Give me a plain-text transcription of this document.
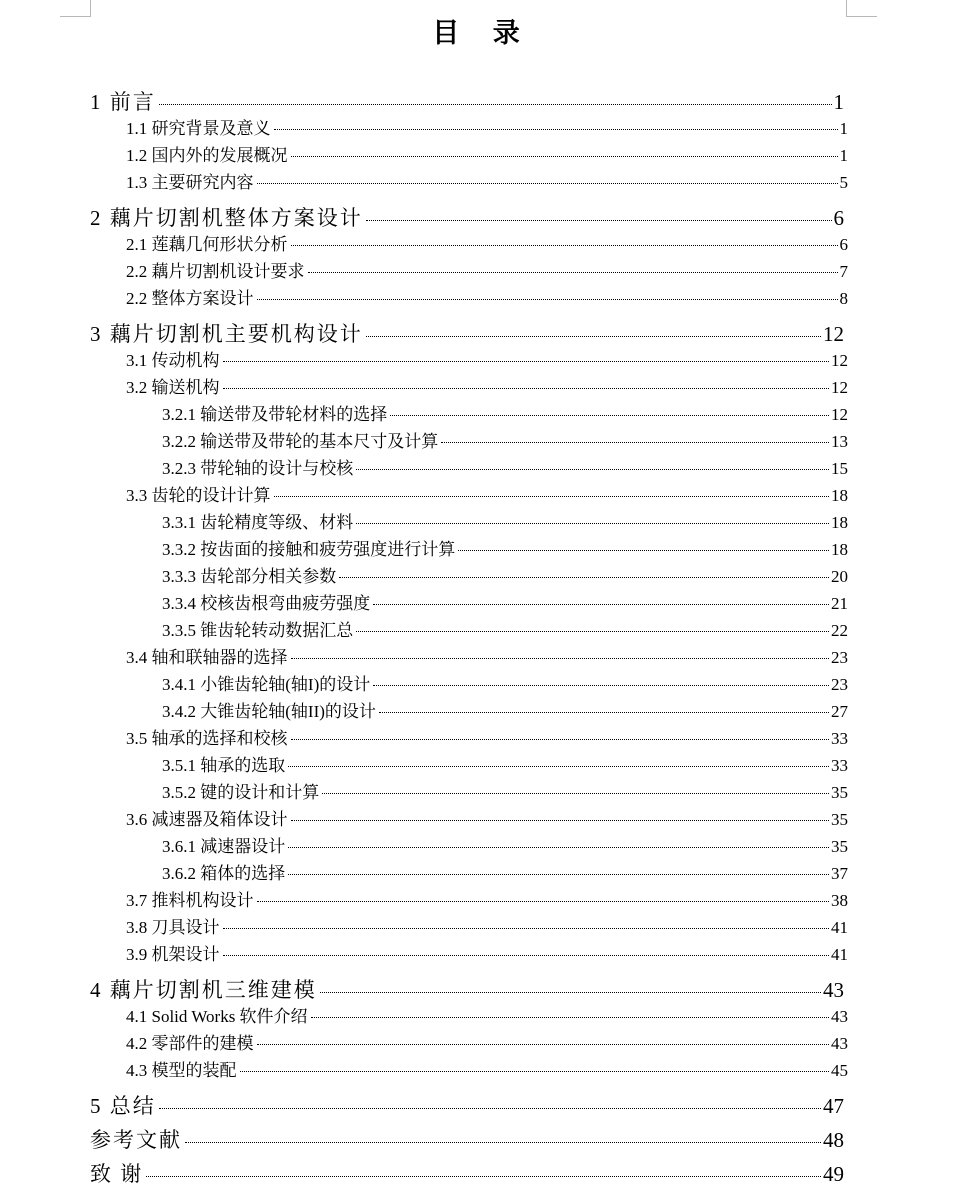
目 录
1 前言	1
1.1 研究背景及意义	1
1.2 国内外的发展概况	1
1.3 主要研究内容	5
2 藕片切割机整体方案设计	6
2.1 莲藕几何形状分析	6
2.2 藕片切割机设计要求	7
2.2 整体方案设计	8
3 藕片切割机主要机构设计	12
3.1 传动机构	12
3.2 输送机构	12
3.2.1 输送带及带轮材料的选择	12
3.2.2 输送带及带轮的基本尺寸及计算	13
3.2.3 带轮轴的设计与校核	15
3.3 齿轮的设计计算	18
3.3.1 齿轮精度等级、材料	18
3.3.2 按齿面的接触和疲劳强度进行计算	18
3.3.3 齿轮部分相关参数	20
3.3.4 校核齿根弯曲疲劳强度	21
3.3.5 锥齿轮转动数据汇总	22
3.4 轴和联轴器的选择	23
3.4.1 小锥齿轮轴(轴I)的设计	23
3.4.2 大锥齿轮轴(轴II)的设计	27
3.5 轴承的选择和校核	33
3.5.1 轴承的选取	33
3.5.2 键的设计和计算	35
3.6 减速器及箱体设计	35
3.6.1 减速器设计	35
3.6.2 箱体的选择	37
3.7 推料机构设计	38
3.8 刀具设计	41
3.9 机架设计	41
4 藕片切割机三维建模	43
4.1 Solid Works 软件介绍	43
4.2 零部件的建模	43
4.3 模型的装配	45
5 总结	47
参考文献	48
致 谢	49
